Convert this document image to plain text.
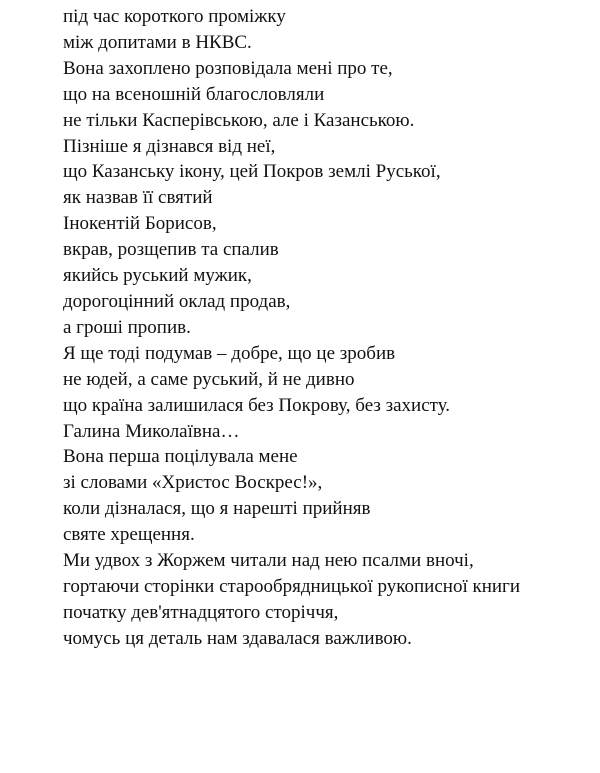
під час короткого проміжку
між допитами в НКВС.
Вона захоплено розповідала мені про те,
що на всеношній благословляли
не тільки Касперівською, але і Казанською.
Пізніше я дізнався від неї,
що Казанську ікону, цей Покров землі Руської,
як назвав її святий
Інокентій Борисов,
вкрав, розщепив та спалив
якийсь руський мужик,
дорогоцінний оклад продав,
а гроші пропив.
Я ще тоді подумав – добре, що це зробив
не юдей, а саме руський, й не дивно
що країна залишилася без Покрову, без захисту.
Галина Миколаївна…
Вона перша поцілувала мене
зі словами «Христос Воскрес!»,
коли дізналася, що я нарешті прийняв
святе хрещення.
Ми удвох з Жоржем читали над нею псалми вночі,
гортаючи сторінки старообрядницької рукописної книги
початку дев'ятнадцятого сторіччя,
чомусь ця деталь нам здавалася важливою.
